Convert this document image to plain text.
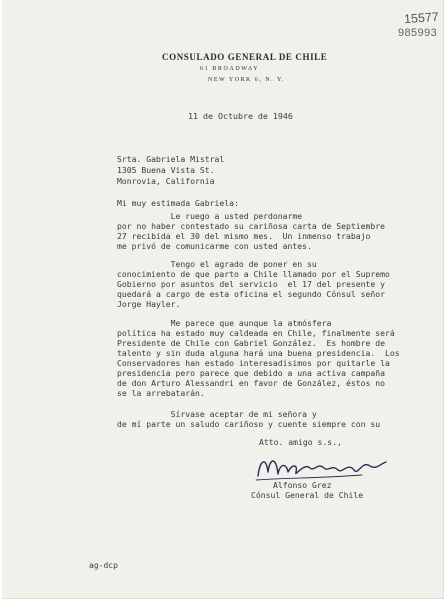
15577
985993
CONSULADO GENERAL DE CHILE
61 BROADWAY
NEW YORK 6, N. Y.
11 de Octubre de 1946
Srta. Gabriela Mistral
1305 Buena Vista St.
Monrovia, California
Mi muy estimada Gabriela:
Le ruego a usted perdonarme
por no haber contestado su cariñosa carta de Septiembre
27 recibida el 30 del mismo mes.  Un inmenso trabajo
me privó de comunicarme con usted antes.
Tengo el agrado de poner en su
conocimiento de que parto a Chile llamado por el Supremo
Gobierno por asuntos del servicio  el 17 del presente y
quedará a cargo de esta oficina el segundo Cónsul señor
Jorge Hayler.
Me parece que aunque la atmósfera
política ha estado muy caldeada en Chile, finalmente será
Presidente de Chile con Gabriel González.  Es hombre de
talento y sin duda alguna hará una buena presidencia.  Los
Conservadores han estado interesadísimos por quitarle la
presidencia pero parece que debido a una activa campaña
de don Arturo Alessandri en favor de González, éstos no
se la arrebatarán.
Sírvase aceptar de mi señora y
de mí parte un saludo cariñoso y cuente siempre con su
Atto. amigo s.s.,
Alfonso Grez
Cónsul General de Chile
ag-dcp
